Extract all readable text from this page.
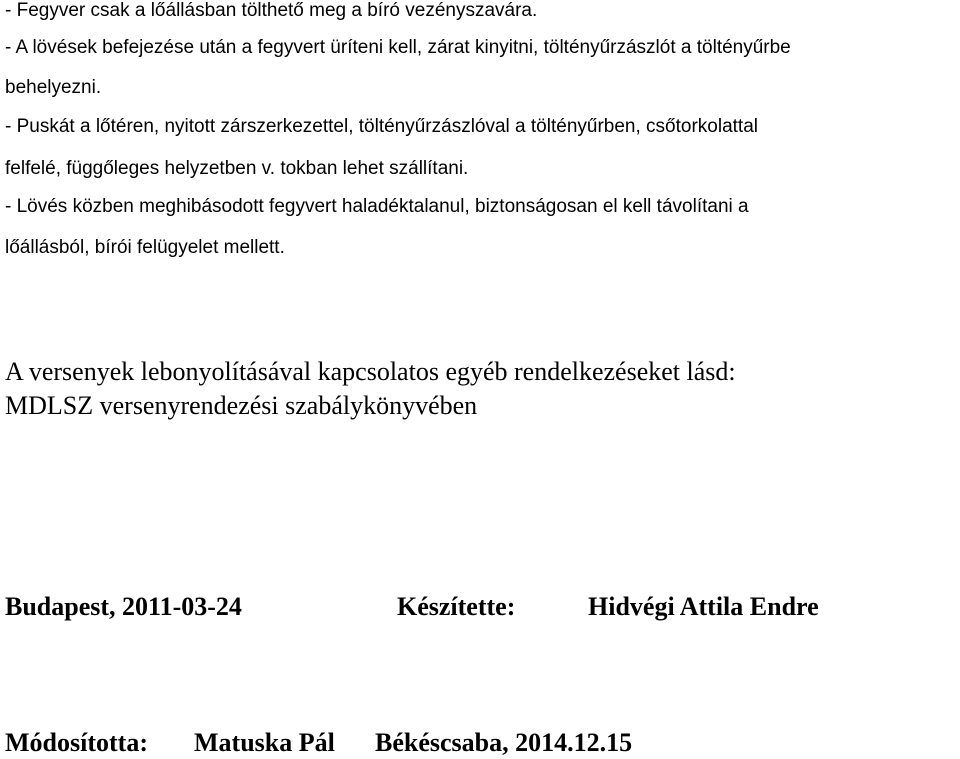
- Fegyver csak a lőállásban tölthető meg a bíró vezényszavára.
- A lövések befejezése után a fegyvert üríteni kell, zárat kinyitni, töltényűrzászlót a töltényűrbe
behelyezni.
- Puskát a lőtéren, nyitott zárszerkezettel, töltényűrzászlóval a töltényűrben, csőtorkolattal
felfelé, függőleges helyzetben v. tokban lehet szállítani.
- Lövés közben meghibásodott fegyvert haladéktalanul, biztonságosan el kell távolítani a
lőállásból, bírói felügyelet mellett.
A versenyek lebonyolításával kapcsolatos egyéb rendelkezéseket lásd:
MDLSZ versenyrendezési szabálykönyvében
Budapest, 2011-03-24	Készítette:	Hidvégi Attila Endre
Módosította: Matuska Pál Békéscsaba, 2014.12.15
